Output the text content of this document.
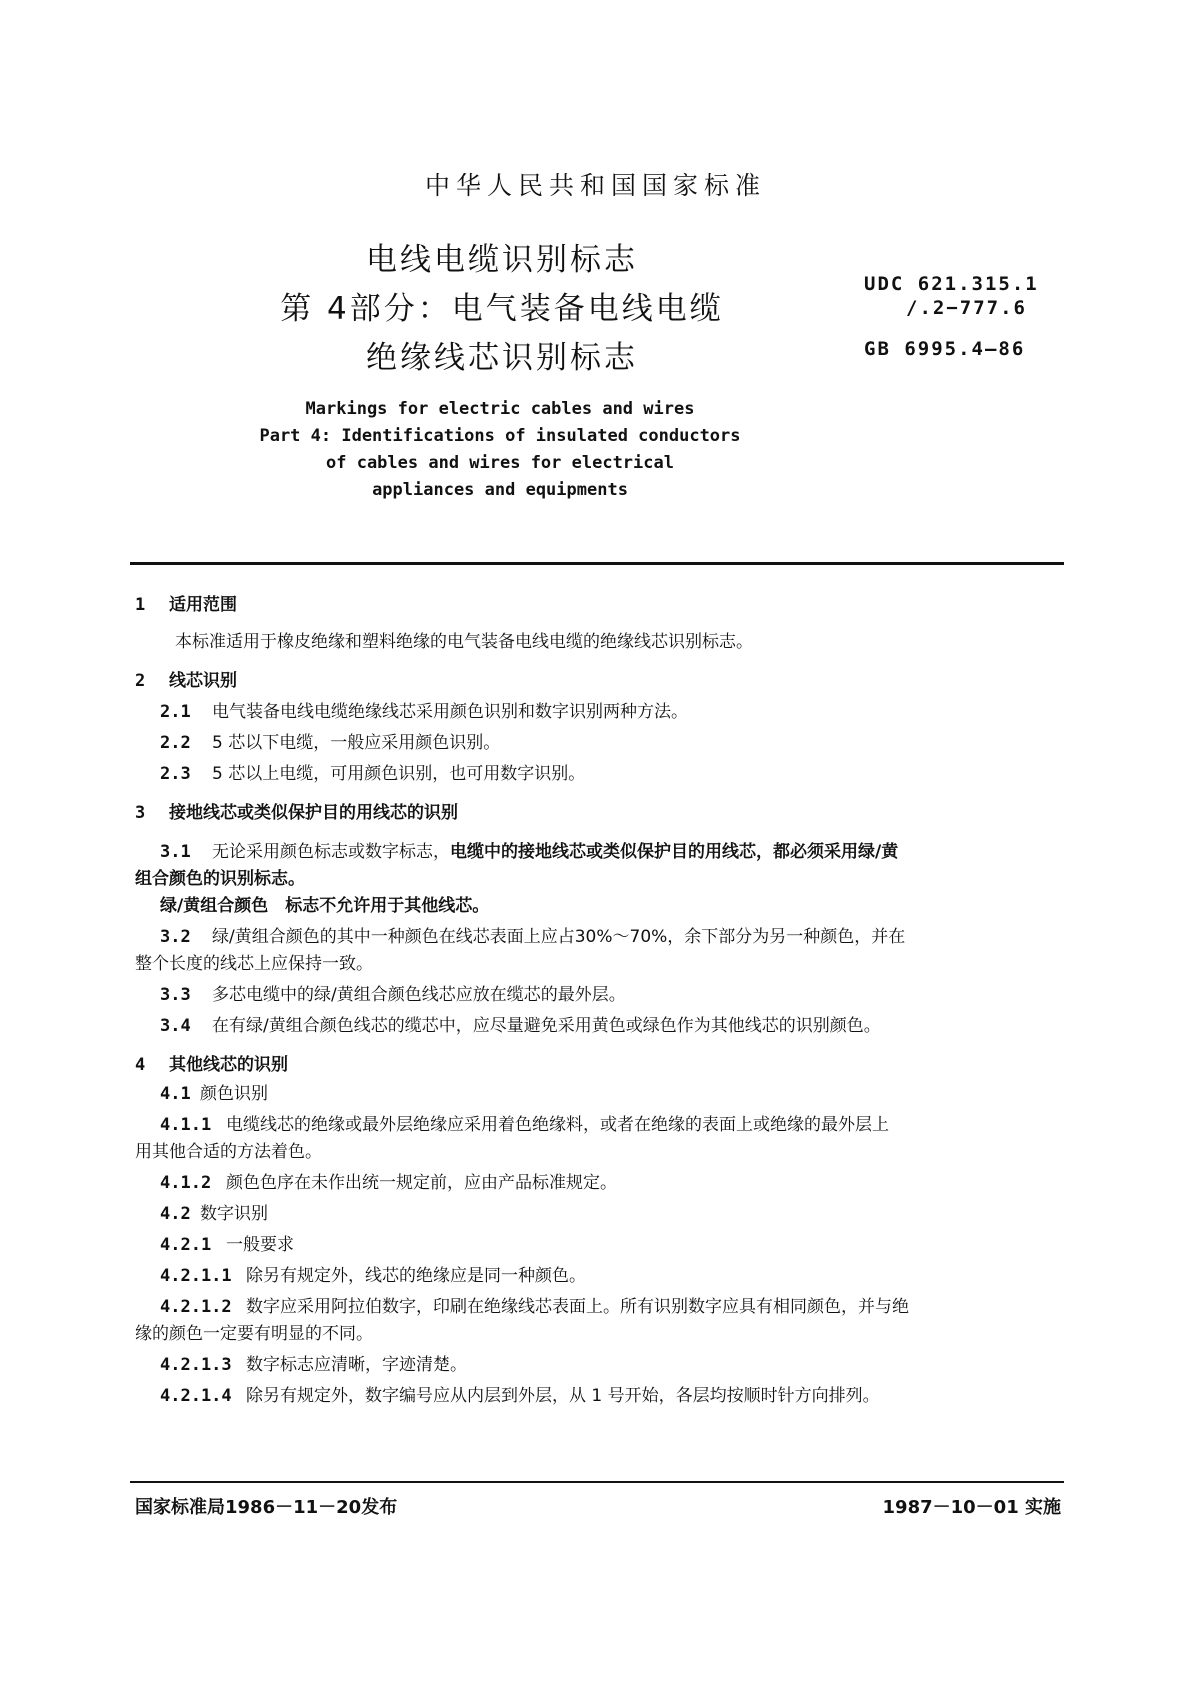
中华人民共和国国家标准
电线电缆识别标志
第 4部分：电气装备电线电缆
绝缘线芯识别标志
UDC 621.315.1
/.2−777.6
GB 6995.4—86
Markings for electric cables and wires
Part 4: Identifications of insulated conductors
of cables and wires for electrical
appliances and equipments
1 适用范围
本标准适用于橡皮绝缘和塑料绝缘的电气装备电线电缆的绝缘线芯识别标志。
2 线芯识别
2.1 电气装备电线电缆绝缘线芯采用颜色识别和数字识别两种方法。
2.2 5 芯以下电缆，一般应采用颜色识别。
2.3 5 芯以上电缆，可用颜色识别，也可用数字识别。
3 接地线芯或类似保护目的用线芯的识别
3.1 无论采用颜色标志或数字标志，电缆中的接地线芯或类似保护目的用线芯，都必须采用绿/黄
组合颜色的识别标志。
绿/黄组合颜色　标志不允许用于其他线芯。
3.2 绿/黄组合颜色的其中一种颜色在线芯表面上应占30%～70%，余下部分为另一种颜色，并在
整个长度的线芯上应保持一致。
3.3 多芯电缆中的绿/黄组合颜色线芯应放在缆芯的最外层。
3.4 在有绿/黄组合颜色线芯的缆芯中，应尽量避免采用黄色或绿色作为其他线芯的识别颜色。
4 其他线芯的识别
4.1 颜色识别
4.1.1 电缆线芯的绝缘或最外层绝缘应采用着色绝缘料，或者在绝缘的表面上或绝缘的最外层上
用其他合适的方法着色。
4.1.2 颜色色序在未作出统一规定前，应由产品标准规定。
4.2 数字识别
4.2.1 一般要求
4.2.1.1 除另有规定外，线芯的绝缘应是同一种颜色。
4.2.1.2 数字应采用阿拉伯数字，印刷在绝缘线芯表面上。所有识别数字应具有相同颜色，并与绝
缘的颜色一定要有明显的不同。
4.2.1.3 数字标志应清晰，字迹清楚。
4.2.1.4 除另有规定外，数字编号应从内层到外层，从 1 号开始，各层均按顺时针方向排列。
国家标准局1986－11－20发布	1987－10－01 实施
